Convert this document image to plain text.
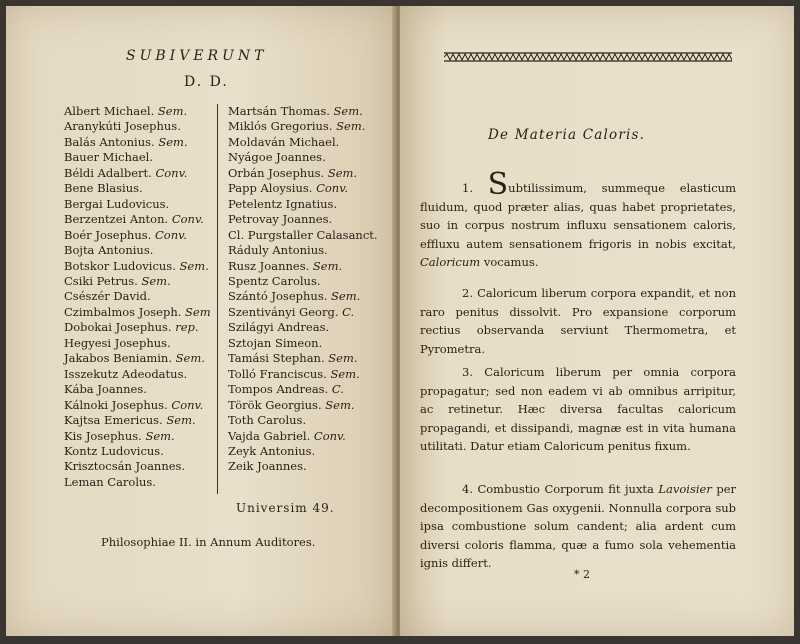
SUBIVERUNT
D. D.
Albert Michael. Sem.
Aranykúti Josephus.
Balás Antonius. Sem.
Bauer Michael.
Béldi Adalbert. Conv.
Bene Blasius.
Bergai Ludovicus.
Berzentzei Anton. Conv.
Boér Josephus. Conv.
Bojta Antonius.
Botskor Ludovicus. Sem.
Csiki Petrus. Sem.
Csészér David.
Czimbalmos Joseph. Sem
Dobokai Josephus. rep.
Hegyesi Josephus.
Jakabos Beniamin. Sem.
Isszekutz Adeodatus.
Kába Joannes.
Kálnoki Josephus. Conv.
Kajtsa Emericus. Sem.
Kis Josephus. Sem.
Kontz Ludovicus.
Krisztocsán Joannes.
Leman Carolus.
Martsán Thomas. Sem.
Miklós Gregorius. Sem.
Moldaván Michael.
Nyágoe Joannes.
Orbán Josephus. Sem.
Papp Aloysius. Conv.
Petelentz Ignatius.
Petrovay Joannes.
Cl. Purgstaller Calasanct.
Ráduly Antonius.
Rusz Joannes. Sem.
Spentz Carolus.
Szántó Josephus. Sem.
Szentiványi Georg. C.
Szilágyi Andreas.
Sztojan Simeon.
Tamási Stephan. Sem.
Tolló Franciscus. Sem.
Tompos Andreas. C.
Török Georgius. Sem.
Toth Carolus.
Vajda Gabriel. Conv.
Zeyk Antonius.
Zeik Joannes.
Universim 49.
Philosophiae II. in Annum Auditores.
De Materia Caloris.
1. Subtilissimum, summeque elasticum fluidum, quod præter alias, quas habet proprietates, suo in corpus nostrum influxu sensationem caloris, effluxu autem sensationem frigoris in nobis excitat, Caloricum vocamus.
2. Caloricum liberum corpora expandit, et non raro penitus dissolvit. Pro expansione corporum rectius observanda serviunt Thermometra, et Pyrometra.
3. Caloricum liberum per omnia corpora propagatur; sed non eadem vi ab omnibus arripitur, ac retinetur. Hæc diversa facultas caloricum propagandi, et dissipandi, magnæ est in vita humana utilitati. Datur etiam Caloricum penitus fixum.
4. Combustio Corporum fit juxta Lavoisier per decompositionem Gas oxygenii. Nonnulla corpora sub ipsa combustione solum candent; alia ardent cum diversi coloris flamma, quæ a fumo sola vehementia ignis differt.
* 2
